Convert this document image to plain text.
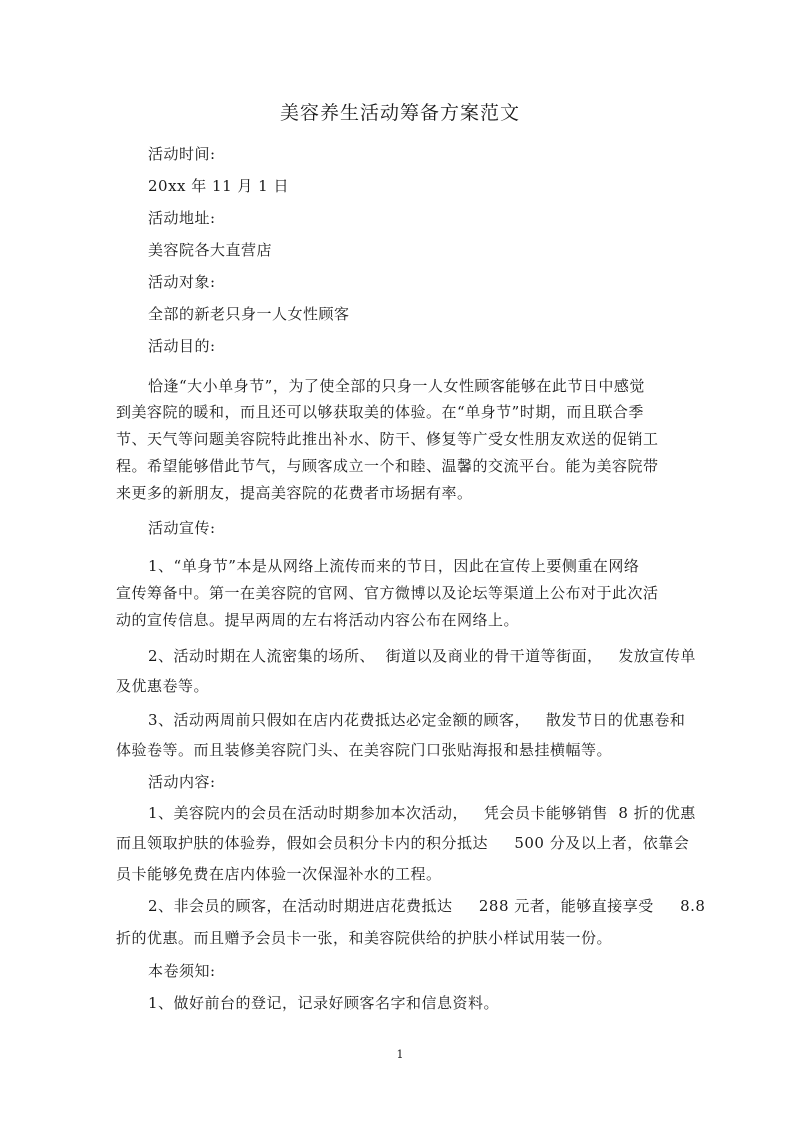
美容养生活动筹备方案范文
活动时间:
20xx 年 11 月 1 日
活动地址:
美容院各大直营店
活动对象:
全部的新老只身一人女性顾客
活动目的:
恰逢“大小单身节”，为了使全部的只身一人女性顾客能够在此节日中感觉
到美容院的暖和，而且还可以够获取美的体验。在“单身节”时期，而且联合季
节、天气等问题美容院特此推出补水、防干、修复等广受女性朋友欢送的促销工
程。希望能够借此节气，与顾客成立一个和睦、温馨的交流平台。能为美容院带
来更多的新朋友，提高美容院的花费者市场据有率。
活动宣传:
1、“单身节”本是从网络上流传而来的节日，因此在宣传上要侧重在网络
宣传筹备中。第一在美容院的官网、官方微博以及论坛等渠道上公布对于此次活
动的宣传信息。提早两周的左右将活动内容公布在网络上。
2、活动时期在人流密集的场所、  街道以及商业的骨干道等街面，   发放宣传单
及优惠卷等。
3、活动两周前只假如在店内花费抵达必定金额的顾客，   散发节日的优惠卷和
体验卷等。而且装修美容院门头、在美容院门口张贴海报和悬挂横幅等。
活动内容:
1、美容院内的会员在活动时期参加本次活动，   凭会员卡能够销售  8 折的优惠
而且领取护肤的体验券，假如会员积分卡内的积分抵达     500 分及以上者，依靠会
员卡能够免费在店内体验一次保湿补水的工程。
2、非会员的顾客，在活动时期进店花费抵达     288 元者，能够直接享受     8.8
折的优惠。而且赠予会员卡一张，和美容院供给的护肤小样试用装一份。
本卷须知:
1、做好前台的登记，记录好顾客名字和信息资料。
1
